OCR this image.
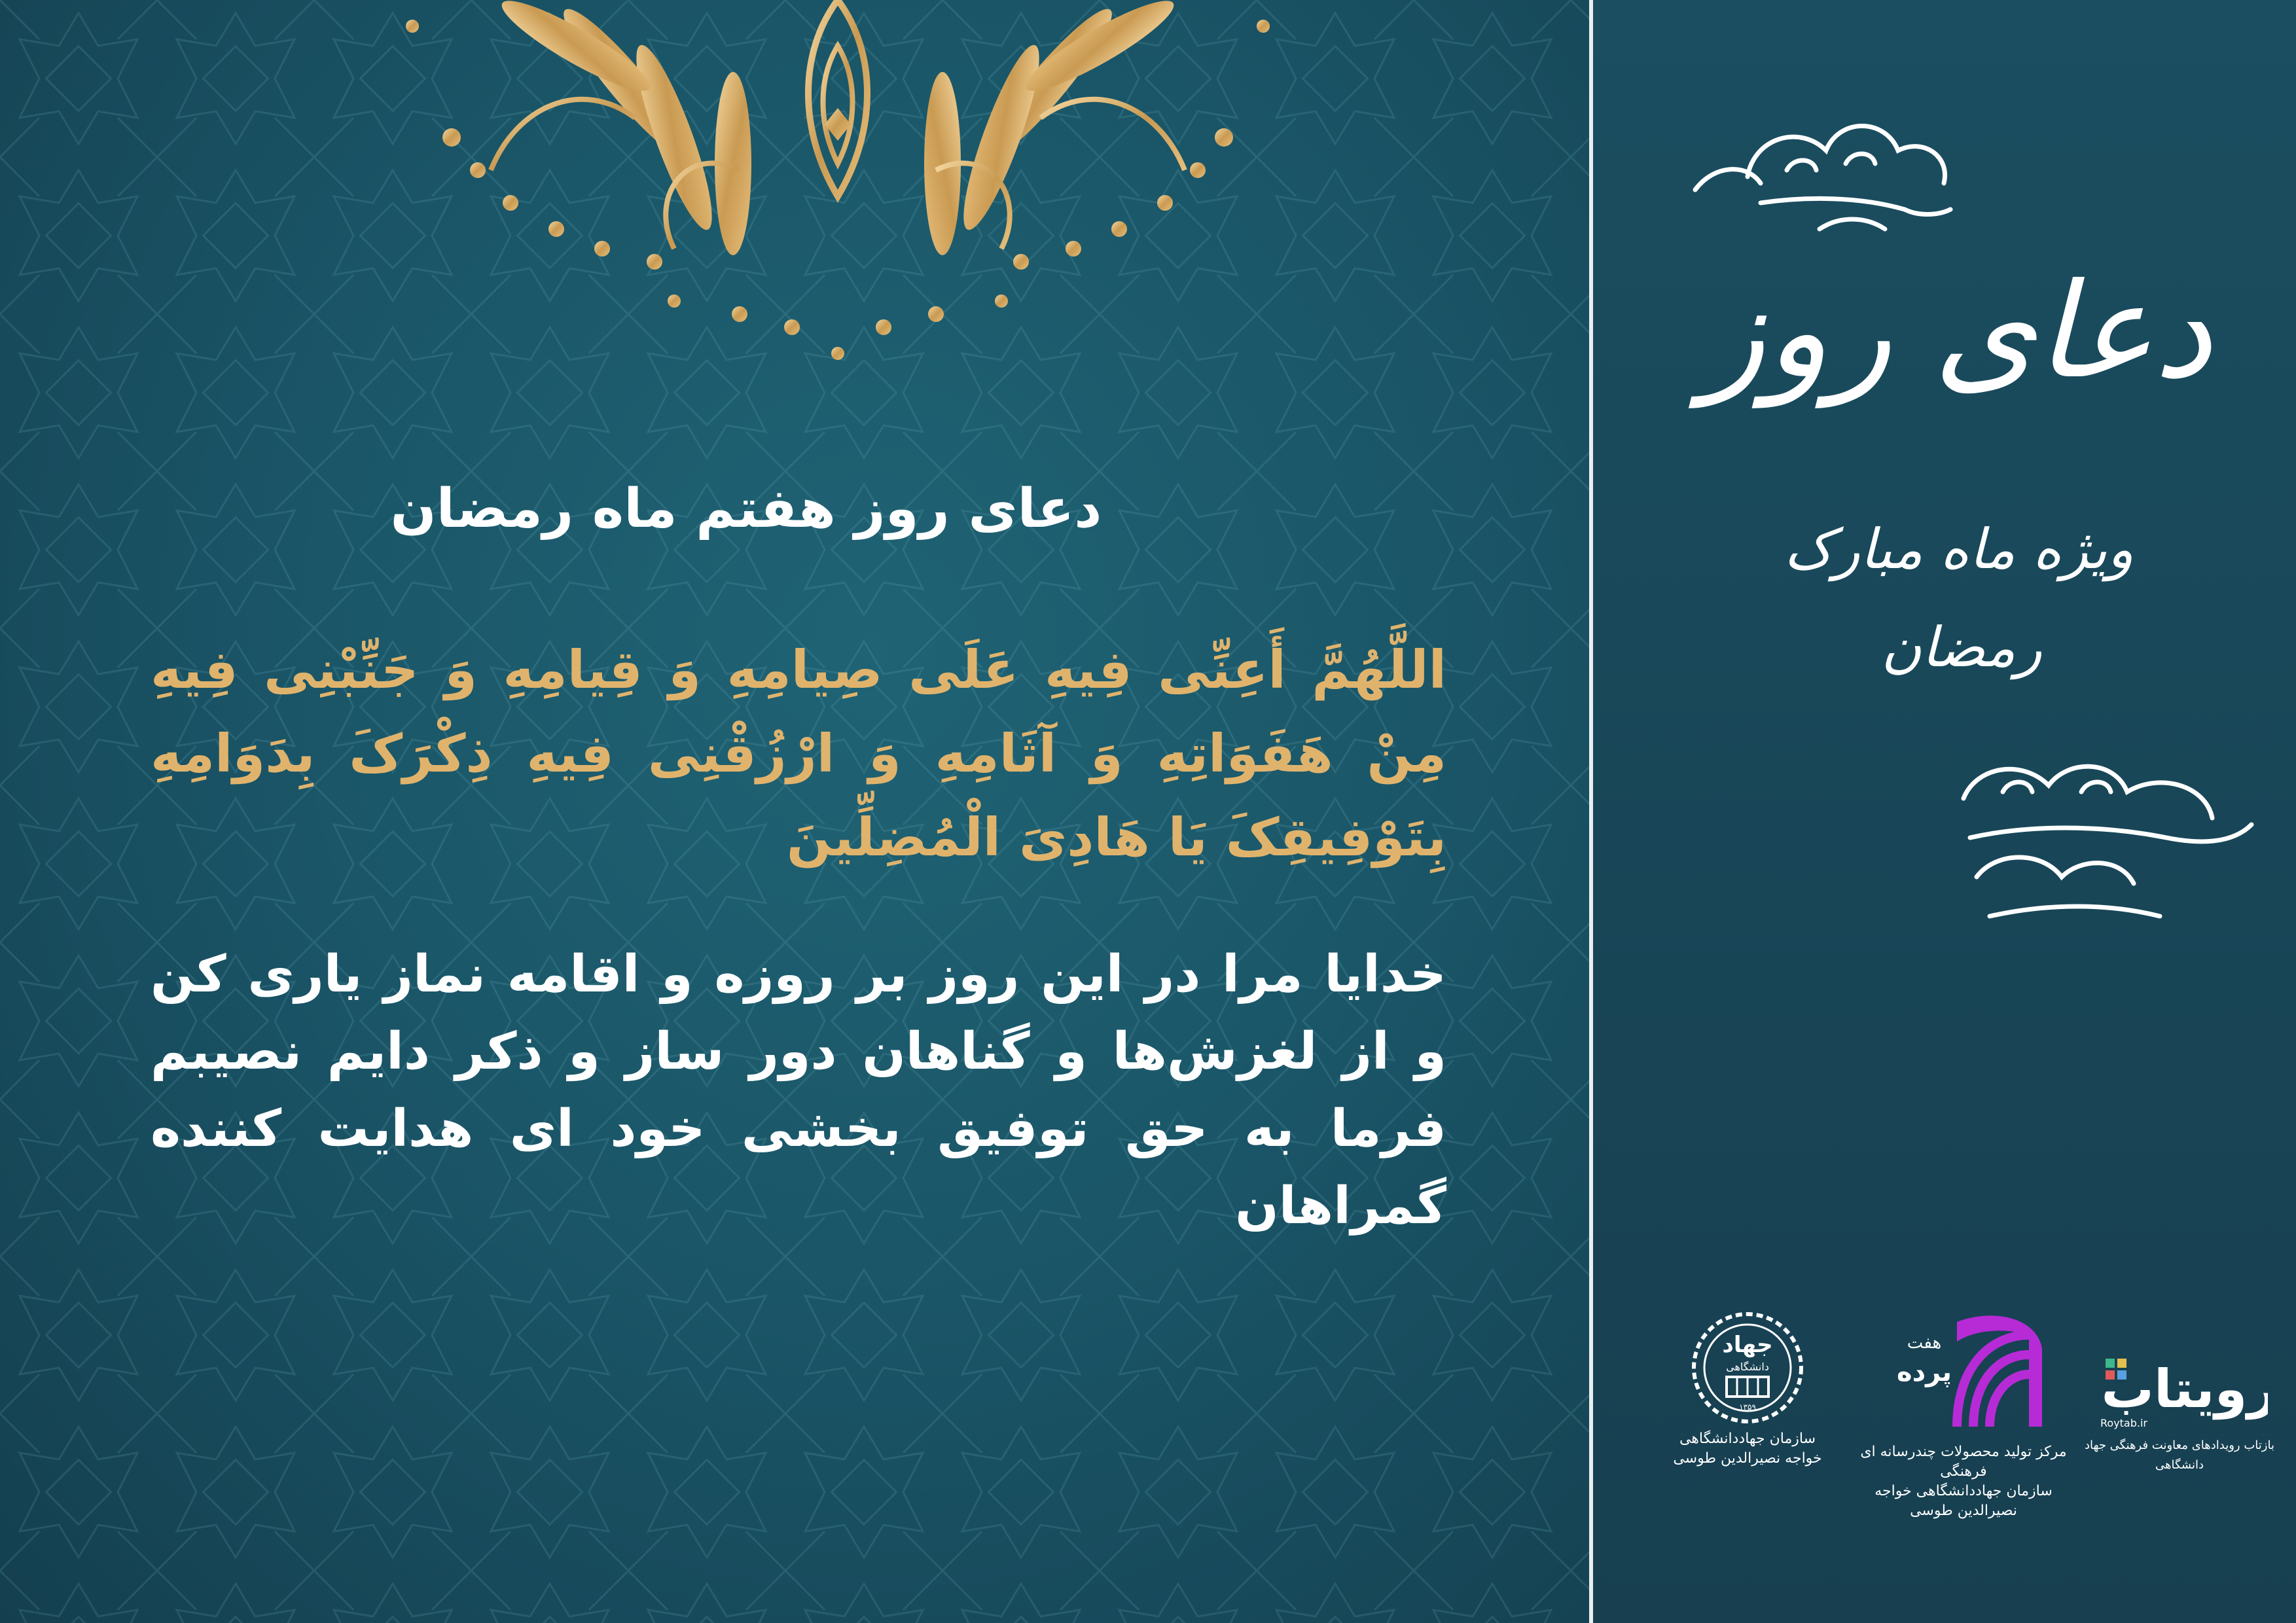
دعای روز هفتم ماه رمضان
اللَّهُمَّ أَعِنِّی فِیهِ عَلَی صِیامِهِ وَ قِیامِهِ وَ جَنِّبْنِی فِیهِ مِنْ هَفَوَاتِهِ وَ آثَامِهِ وَ ارْزُقْنِی فِیهِ ذِکْرَکَ بِدَوَامِهِ بِتَوْفِیقِکَ یَا هَادِیَ الْمُضِلِّینَ
خدایا مرا در این روز بر روزه و اقامه نماز یاری کن و از لغزش‌ها و گناهان دور ساز و ذکر دایم نصیبم فرما به حق توفیق بخشی خود ای هدایت کننده گمراهان
دعای روز
ویژه ماه مبارک
رمضان
جهاد
دانشگاهی
۱۳۵۹
سازمان جهاددانشگاهی
خواجه نصیرالدین طوسی
هفت
پرده
مرکز تولید محصولات چندرسانه ای فرهنگی
سازمان جهاددانشگاهی خواجه نصیرالدین طوسی
رویتاب
Roytab.ir
بازتاب رویدادهای معاونت فرهنگی جهاد دانشگاهی
